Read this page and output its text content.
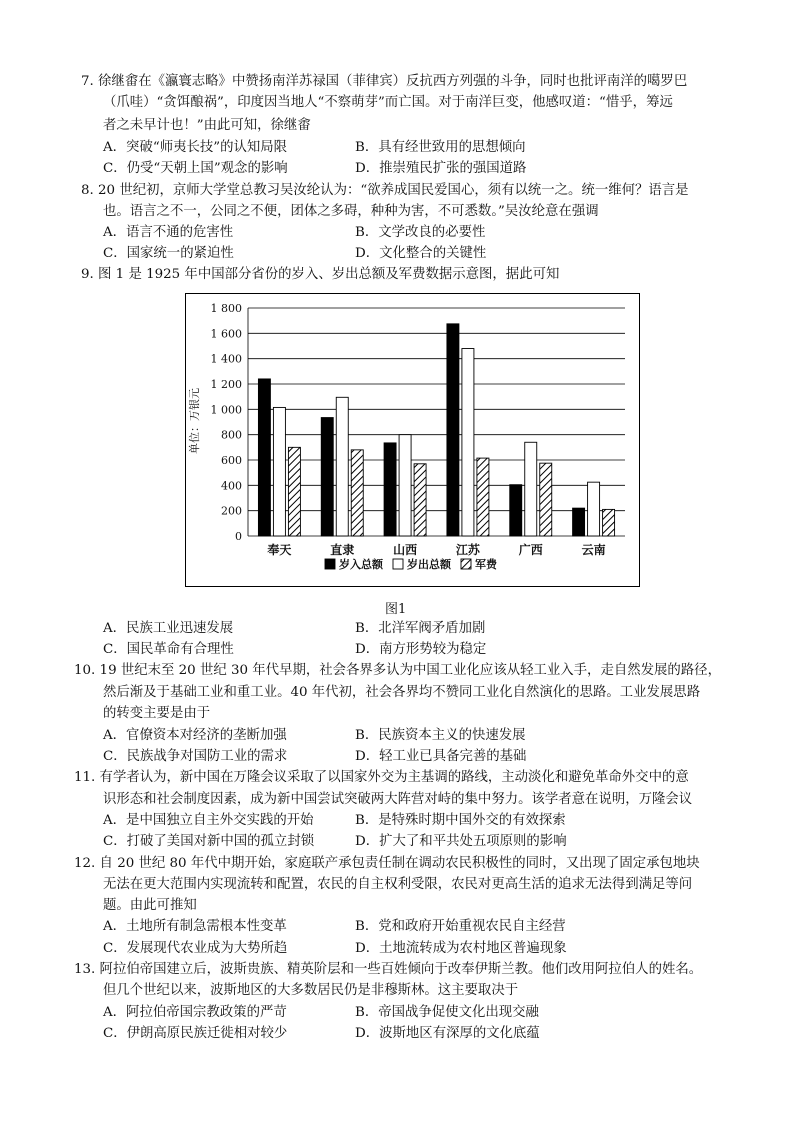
7. 徐继畬在《瀛寰志略》中赞扬南洋苏禄国（菲律宾）反抗西方列强的斗争，同时也批评南洋的噶罗巴
（爪哇）“贪饵酿祸”，印度因当地人“不察萌芽”而亡国。对于南洋巨变，他感叹道：“惜乎，筹远
者之未早计也！”由此可知，徐继畬
A．突破“师夷长技”的认知局限	B．具有经世致用的思想倾向
C．仍受“天朝上国”观念的影响	D．推崇殖民扩张的强国道路
8. 20 世纪初，京师大学堂总教习吴汝纶认为：“欲养成国民爱国心，须有以统一之。统一维何？语言是
也。语言之不一，公同之不便，团体之多碍，种种为害，不可悉数。”吴汝纶意在强调
A．语言不通的危害性	B．文学改良的必要性
C．国家统一的紧迫性	D．文化整合的关键性
9. 图 1 是 1925 年中国部分省份的岁入、岁出总额及军费数据示意图，据此可知
0
200
400
600
800
1 000
1 200
1 400
1 600
1 800
单位：万银元
奉天	直隶	山西	江苏	广西	云南
岁入总额 岁出总额 军费
图1
A．民族工业迅速发展	B．北洋军阀矛盾加剧
C．国民革命有合理性	D．南方形势较为稳定
10. 19 世纪末至 20 世纪 30 年代早期，社会各界多认为中国工业化应该从轻工业入手，走自然发展的路径，
然后渐及于基础工业和重工业。40 年代初，社会各界均不赞同工业化自然演化的思路。工业发展思路
的转变主要是由于
A．官僚资本对经济的垄断加强	B．民族资本主义的快速发展
C．民族战争对国防工业的需求	D．轻工业已具备完善的基础
11. 有学者认为，新中国在万隆会议采取了以国家外交为主基调的路线，主动淡化和避免革命外交中的意
识形态和社会制度因素，成为新中国尝试突破两大阵营对峙的集中努力。该学者意在说明，万隆会议
A．是中国独立自主外交实践的开始	B．是特殊时期中国外交的有效探索
C．打破了美国对新中国的孤立封锁	D．扩大了和平共处五项原则的影响
12. 自 20 世纪 80 年代中期开始，家庭联产承包责任制在调动农民积极性的同时，又出现了固定承包地块
无法在更大范围内实现流转和配置，农民的自主权利受限，农民对更高生活的追求无法得到满足等问
题。由此可推知
A．土地所有制急需根本性变革	B．党和政府开始重视农民自主经营
C．发展现代农业成为大势所趋	D．土地流转成为农村地区普遍现象
13. 阿拉伯帝国建立后，波斯贵族、精英阶层和一些百姓倾向于改奉伊斯兰教。他们改用阿拉伯人的姓名。
但几个世纪以来，波斯地区的大多数居民仍是非穆斯林。这主要取决于
A．阿拉伯帝国宗教政策的严苛	B．帝国战争促使文化出现交融
C．伊朗高原民族迁徙相对较少	D．波斯地区有深厚的文化底蕴
